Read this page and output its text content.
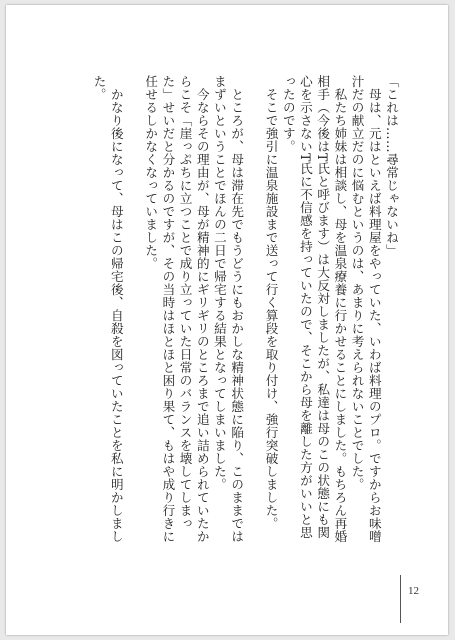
「これは……尋常じゃないね」

母は、元はといえば料理屋をやっていた、いわば料理のプロ。ですからお味噌汁だの献立だのに悩むというのは、あまりに考えられないことでした。

私たち姉妹は相談し、母を温泉療養に行かせることにしました。もちろん再婚相手（今後はT氏と呼びます）は大反対しましたが、私達は母のこの状態にも関心を示さないT氏に不信感を持っていたので、そこから母を離した方がいいと思ったのです。

そこで強引に温泉施設まで送って行く算段を取り付け、強行突破しました。

ところが、母は滞在先でもうどうにもおかしな精神状態に陥り、このままではまずいということでほんの二日で帰宅する結果となってしまいました。

今ならその理由が、母が精神的にギリギリのところまで追い詰められていたからこそ「崖っぷちに立つことで成り立っていた日常のバランスを壊してしまった」せいだと分かるのですが、その当時はほとほと困り果て、もはや成り行きに任せるしかなくなっていました。

かなり後になって、母はこの帰宅後、自殺を図っていたことを私に明かしました。

12
